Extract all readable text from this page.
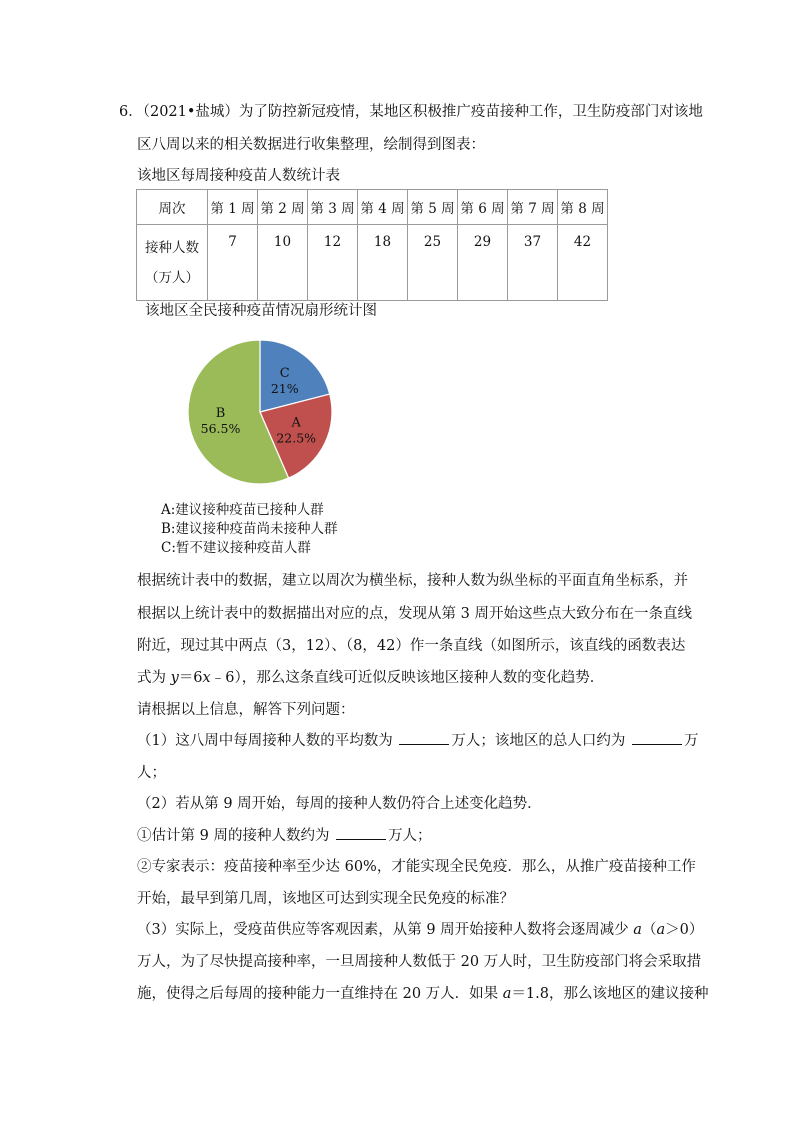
6．（2021•盐城）为了防控新冠疫情，某地区积极推广疫苗接种工作，卫生防疫部门对该地
区八周以来的相关数据进行收集整理，绘制得到图表：
该地区每周接种疫苗人数统计表
周次	第 1 周	第 2 周	第 3 周	第 4 周	第 5 周	第 6 周	第 7 周	第 8 周

接种人数
（万人）	7	10	12	18	25	29	37	42
该地区全民接种疫苗情况扇形统计图
C
21%
A
22.5%
B
56.5%
A:建议接种疫苗已接种人群
B:建议接种疫苗尚未接种人群
C:暂不建议接种疫苗人群
根据统计表中的数据，建立以周次为横坐标，接种人数为纵坐标的平面直角坐标系，并
根据以上统计表中的数据描出对应的点，发现从第 3 周开始这些点大致分布在一条直线
附近，现过其中两点（3，12）、（8，42）作一条直线（如图所示，该直线的函数表达
式为 y＝6x﹣6），那么这条直线可近似反映该地区接种人数的变化趋势．
请根据以上信息，解答下列问题：
（1）这八周中每周接种人数的平均数为	万人；该地区的总人口约为	万
人；
（2）若从第 9 周开始，每周的接种人数仍符合上述变化趋势．
①估计第 9 周的接种人数约为	万人；
②专家表示：疫苗接种率至少达 60%，才能实现全民免疫．那么，从推广疫苗接种工作
开始，最早到第几周，该地区可达到实现全民免疫的标准？
（3）实际上，受疫苗供应等客观因素，从第 9 周开始接种人数将会逐周减少 a（a＞0）
万人，为了尽快提高接种率，一旦周接种人数低于 20 万人时，卫生防疫部门将会采取措
施，使得之后每周的接种能力一直维持在 20 万人．如果 a＝1.8，那么该地区的建议接种
